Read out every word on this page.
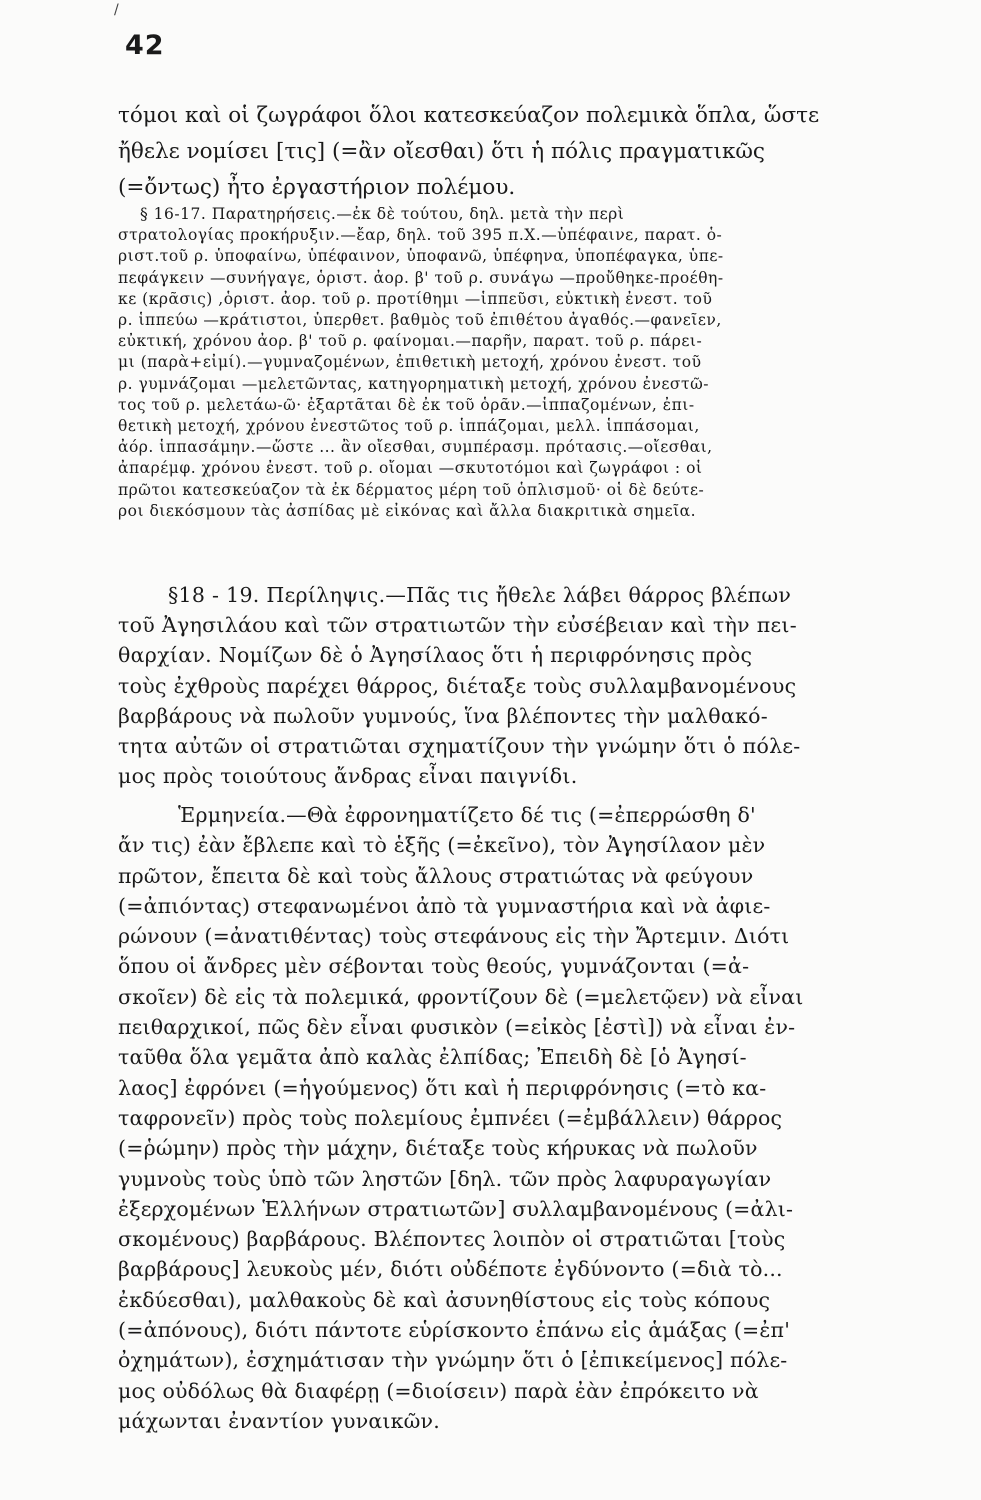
/
42
τόμοι καὶ οἱ ζωγράφοι ὅλοι κατεσκεύαζον πολεμικὰ ὅπλα, ὥστε
ἤθελε νομίσει [τις] (=ἂν οἴεσθαι) ὅτι ἡ πόλις πραγματικῶς
(=ὄντως) ἦτο ἐργαστήριον πολέμου.
§ 16-17. Παρατηρήσεις.—ἐκ δὲ τούτου, δηλ. μετὰ τὴν περὶ
στρατολογίας προκήρυξιν.—ἔαρ, δηλ. τοῦ 395 π.Χ.—ὑπέφαινε, παρατ. ὁ-
ριστ.τοῦ ρ. ὑποφαίνω, ὑπέφαινον, ὑποφανῶ, ὑπέφηνα, ὑποπέφαγκα, ὑπε-
πεφάγκειν —συνήγαγε, ὁριστ. ἀορ. β' τοῦ ρ. συνάγω —προὔθηκε-προέθη-
κε (κρᾶσις) ,ὁριστ. ἀορ. τοῦ ρ. προτίθημι —ἱππεῦσι, εὐκτικὴ ἐνεστ. τοῦ
ρ. ἱππεύω —κράτιστοι, ὑπερθετ. βαθμὸς τοῦ ἐπιθέτου ἀγαθός.—φανεῖεν,
εὐκτική, χρόνου ἀορ. β' τοῦ ρ. φαίνομαι.—παρῆν, παρατ. τοῦ ρ. πάρει-
μι (παρὰ+εἰμί).—γυμναζομένων, ἐπιθετικὴ μετοχή, χρόνου ἐνεστ. τοῦ
ρ. γυμνάζομαι —μελετῶντας, κατηγορηματικὴ μετοχή, χρόνου ἐνεστῶ-
τος τοῦ ρ. μελετάω-ῶ· ἐξαρτᾶται δὲ ἐκ τοῦ ὁρᾶν.—ἱππαζομένων, ἐπι-
θετικὴ μετοχή, χρόνου ἐνεστῶτος τοῦ ρ. ἱππάζομαι, μελλ. ἱππάσομαι,
ἀόρ. ἱππασάμην.—ὥστε ... ἂν οἴεσθαι, συμπέρασμ. πρότασις.—οἴεσθαι,
ἀπαρέμφ. χρόνου ἐνεστ. τοῦ ρ. οἴομαι —σκυτοτόμοι καὶ ζωγράφοι : οἱ
πρῶτοι κατεσκεύαζον τὰ ἐκ δέρματος μέρη τοῦ ὁπλισμοῦ· οἱ δὲ δεύτε-
ροι διεκόσμουν τὰς ἀσπίδας μὲ εἰκόνας καὶ ἄλλα διακριτικὰ σημεῖα.
§18 - 19. Περίληψις.—Πᾶς τις ἤθελε λάβει θάρρος βλέπων
τοῦ Ἀγησιλάου καὶ τῶν στρατιωτῶν τὴν εὐσέβειαν καὶ τὴν πει-
θαρχίαν. Νομίζων δὲ ὁ Ἀγησίλαος ὅτι ἡ περιφρόνησις πρὸς
τοὺς ἐχθροὺς παρέχει θάρρος, διέταξε τοὺς συλλαμβανομένους
βαρβάρους νὰ πωλοῦν γυμνούς, ἵνα βλέποντες τὴν μαλθακό-
τητα αὐτῶν οἱ στρατιῶται σχηματίζουν τὴν γνώμην ὅτι ὁ πόλε-
μος πρὸς τοιούτους ἄνδρας εἶναι παιγνίδι.
Ἑρμηνεία.—Θὰ ἐφρονηματίζετο δέ τις (=ἐπερρώσθη δ'
ἄν τις) ἐὰν ἔβλεπε καὶ τὸ ἑξῆς (=ἐκεῖνο), τὸν Ἀγησίλαον μὲν
πρῶτον, ἔπειτα δὲ καὶ τοὺς ἄλλους στρατιώτας νὰ φεύγουν
(=ἀπιόντας) στεφανωμένοι ἀπὸ τὰ γυμναστήρια καὶ νὰ ἀφιε-
ρώνουν (=ἀνατιθέντας) τοὺς στεφάνους εἰς τὴν Ἄρτεμιν. Διότι
ὅπου οἱ ἄνδρες μὲν σέβονται τοὺς θεούς, γυμνάζονται (=ἀ-
σκοῖεν) δὲ εἰς τὰ πολεμικά, φροντίζουν δὲ (=μελετῷεν) νὰ εἶναι
πειθαρχικοί, πῶς δὲν εἶναι φυσικὸν (=εἰκὸς [ἐστὶ]) νὰ εἶναι ἐν-
ταῦθα ὅλα γεμᾶτα ἀπὸ καλὰς ἐλπίδας; Ἐπειδὴ δὲ [ὁ Ἀγησί-
λαος] ἐφρόνει (=ἡγούμενος) ὅτι καὶ ἡ περιφρόνησις (=τὸ κα-
ταφρονεῖν) πρὸς τοὺς πολεμίους ἐμπνέει (=ἐμβάλλειν) θάρρος
(=ῥώμην) πρὸς τὴν μάχην, διέταξε τοὺς κήρυκας νὰ πωλοῦν
γυμνοὺς τοὺς ὑπὸ τῶν ληστῶν [δηλ. τῶν πρὸς λαφυραγωγίαν
ἐξερχομένων Ἑλλήνων στρατιωτῶν] συλλαμβανομένους (=ἀλι-
σκομένους) βαρβάρους. Βλέποντες λοιπὸν οἱ στρατιῶται [τοὺς
βαρβάρους] λευκοὺς μέν, διότι οὐδέποτε ἐγδύνοντο (=διὰ τὸ...
ἐκδύεσθαι), μαλθακοὺς δὲ καὶ ἀσυνηθίστους εἰς τοὺς κόπους
(=ἀπόνους), διότι πάντοτε εὑρίσκοντο ἐπάνω εἰς ἁμάξας (=ἐπ'
ὀχημάτων), ἐσχημάτισαν τὴν γνώμην ὅτι ὁ [ἐπικείμενος] πόλε-
μος οὐδόλως θὰ διαφέρῃ (=διοίσειν) παρὰ ἐὰν ἐπρόκειτο νὰ
μάχωνται ἐναντίον γυναικῶν.
